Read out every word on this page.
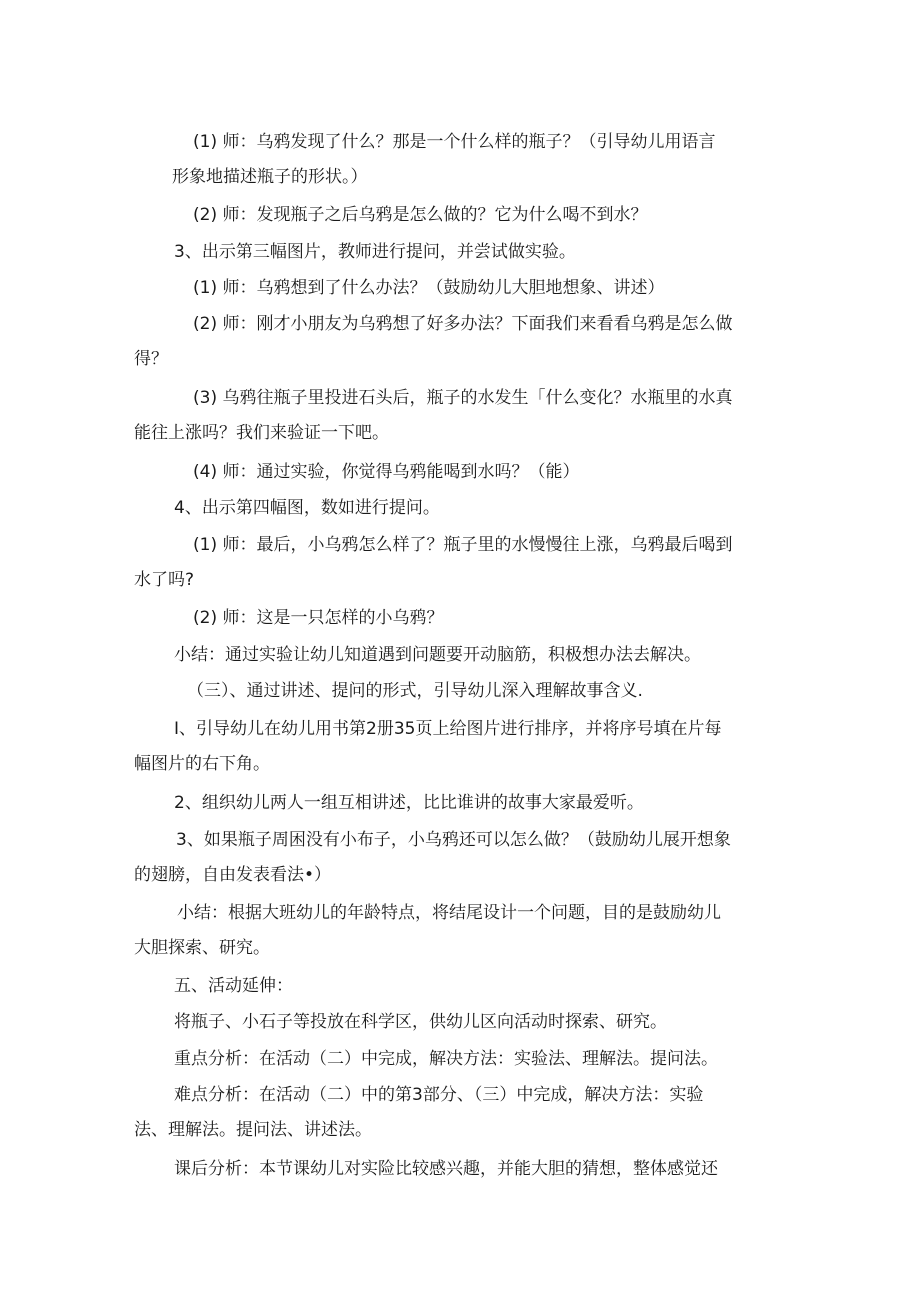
(1) 师：乌鸦发现了什么？那是一个什么样的瓶子？（引导幼儿用语言
形象地描述瓶子的形状。）
(2) 师：发现瓶子之后乌鸦是怎么做的？它为什么喝不到水？
3、出示第三幅图片，教师进行提问，并尝试做实验。
(1) 师：乌鸦想到了什么办法？（鼓励幼儿大胆地想象、讲述）
(2) 师：刚才小朋友为乌鸦想了好多办法？下面我们来看看乌鸦是怎么做
得？
(3) 乌鸦往瓶子里投进石头后，瓶子的水发生「什么变化？水瓶里的水真
能往上涨吗？我们来验证一下吧。
(4) 师：通过实验，你觉得乌鸦能喝到水吗？（能）
4、出示第四幅图，数如进行提问。
(1) 师：最后，小乌鸦怎么样了？瓶子里的水慢慢往上涨，乌鸦最后喝到
水了吗?
(2) 师：这是一只怎样的小乌鸦？
小结：通过实验让幼儿知道遇到问题要开动脑筋，积极想办法去解决。
（三）、通过讲述、提问的形式，引导幼儿深入理解故事含义.
I、引导幼儿在幼儿用书第2册35页上给图片进行排序，并将序号填在片每
幅图片的右下角。
2、组织幼儿两人一组互相讲述，比比谁讲的故事大家最爱听。
3、如果瓶子周困没有小布子，小乌鸦还可以怎么做？（鼓励幼儿展开想象
的翅膀，自由发表看法•）
小结：根据大班幼儿的年龄特点，将结尾设计一个问题，目的是鼓励幼儿
大胆探索、研究。
五、活动延伸：
将瓶子、小石子等投放在科学区，供幼儿区向活动时探索、研究。
重点分析：在活动（二）中完成，解决方法：实验法、理解法。提问法。
难点分析：在活动（二）中的第3部分、（三）中完成，解决方法：实验
法、理解法。提问法、讲述法。
课后分析：本节课幼儿对实险比较感兴趣，并能大胆的猜想，整体感觉还
